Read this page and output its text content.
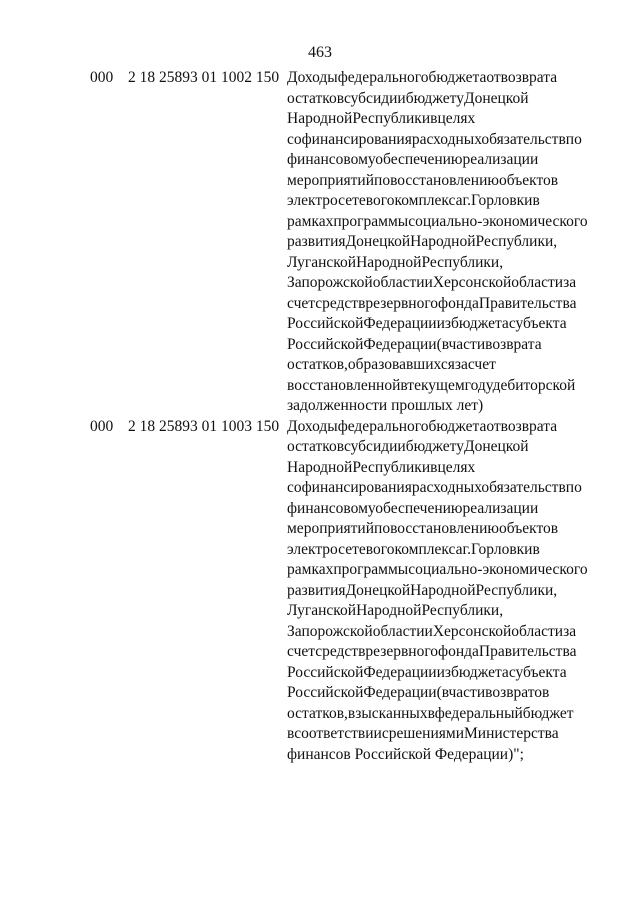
463
000 2 18 25893 01 1002 150 Доходыфедеральногобюджетаотвозврата
остатковсубсидиибюджетуДонецкой
НароднойРеспубликивцелях
софинансированиярасходныхобязательствпо
финансовомуобеспечениюреализации
мероприятийповосстановлениюобъектов
электросетевогокомплексаг.Горловкив
рамкахпрограммысоциально-экономического
развитияДонецкойНароднойРеспублики,
ЛуганскойНароднойРеспублики,
ЗапорожскойобластииХерсонскойобластиза
счетсредстврезервногофондаПравительства
РоссийскойФедерацииизбюджетасубъекта
РоссийскойФедерации(вчастивозврата
остатков,образовавшихсязасчет
восстановленнойвтекущемгодудебиторской
задолженности прошлых лет)
000 2 18 25893 01 1003 150 Доходыфедеральногобюджетаотвозврата
остатковсубсидиибюджетуДонецкой
НароднойРеспубликивцелях
софинансированиярасходныхобязательствпо
финансовомуобеспечениюреализации
мероприятийповосстановлениюобъектов
электросетевогокомплексаг.Горловкив
рамкахпрограммысоциально-экономического
развитияДонецкойНароднойРеспублики,
ЛуганскойНароднойРеспублики,
ЗапорожскойобластииХерсонскойобластиза
счетсредстврезервногофондаПравительства
РоссийскойФедерацииизбюджетасубъекта
РоссийскойФедерации(вчастивозвратов
остатков,взысканныхвфедеральныйбюджет
всоответствиисрешениямиМинистерства
финансов Российской Федерации)";
